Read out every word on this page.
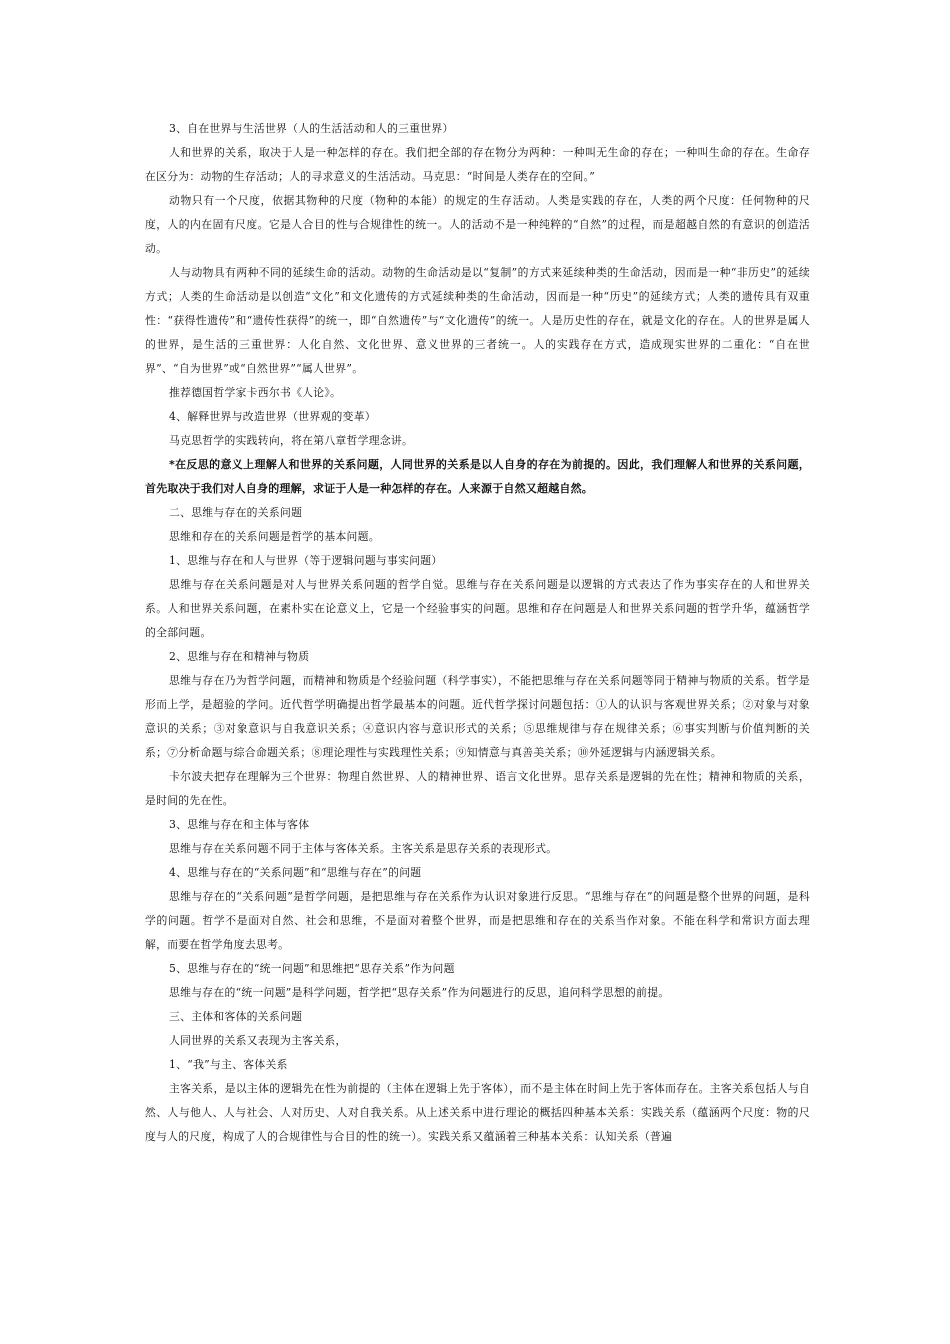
3、自在世界与生活世界（人的生活活动和人的三重世界）

人和世界的关系，取决于人是一种怎样的存在。我们把全部的存在物分为两种：一种叫无生命的存在；一种叫生命的存在。生命存在区分为：动物的生存活动；人的寻求意义的生活活动。马克思：“时间是人类存在的空间。”

动物只有一个尺度，依据其物种的尺度（物种的本能）的规定的生存活动。人类是实践的存在，人类的两个尺度：任何物种的尺度，人的内在固有尺度。它是人合目的性与合规律性的统一。人的活动不是一种纯粹的“自然”的过程，而是超越自然的有意识的创造活动。

人与动物具有两种不同的延续生命的活动。动物的生命活动是以“复制”的方式来延续种类的生命活动，因而是一种“非历史”的延续方式；人类的生命活动是以创造“文化”和文化遗传的方式延续种类的生命活动，因而是一种“历史”的延续方式；人类的遗传具有双重性：“获得性遗传”和“遗传性获得”的统一，即“自然遗传”与“文化遗传”的统一。人是历史性的存在，就是文化的存在。人的世界是属人的世界，是生活的三重世界：人化自然、文化世界、意义世界的三者统一。人的实践存在方式，造成现实世界的二重化：“自在世界”、“自为世界”或“自然世界”“属人世界”。

推荐德国哲学家卡西尔书《人论》。

4、解释世界与改造世界（世界观的变革）

马克思哲学的实践转向，将在第八章哲学理念讲。

*在反思的意义上理解人和世界的关系问题，人同世界的关系是以人自身的存在为前提的。因此，我们理解人和世界的关系问题，首先取决于我们对人自身的理解，求证于人是一种怎样的存在。人来源于自然又超越自然。

二、思维与存在的关系问题

思维和存在的关系问题是哲学的基本问题。

1、思维与存在和人与世界（等于逻辑问题与事实问题）

思维与存在关系问题是对人与世界关系问题的哲学自觉。思维与存在关系问题是以逻辑的方式表达了作为事实存在的人和世界关系。人和世界关系问题，在素朴实在论意义上，它是一个经验事实的问题。思维和存在问题是人和世界关系问题的哲学升华，蕴涵哲学的全部问题。

2、思维与存在和精神与物质

思维与存在乃为哲学问题，而精神和物质是个经验问题（科学事实），不能把思维与存在关系问题等同于精神与物质的关系。哲学是形而上学，是超验的学问。近代哲学明确提出哲学最基本的问题。近代哲学探讨问题包括：①人的认识与客观世界关系；②对象与对象意识的关系；③对象意识与自我意识关系；④意识内容与意识形式的关系；⑤思维规律与存在规律关系；⑥事实判断与价值判断的关系；⑦分析命题与综合命题关系；⑧理论理性与实践理性关系；⑨知情意与真善美关系；⑩外延逻辑与内涵逻辑关系。

卡尔波夫把存在理解为三个世界：物理自然世界、人的精神世界、语言文化世界。思存关系是逻辑的先在性；精神和物质的关系，是时间的先在性。

3、思维与存在和主体与客体

思维与存在关系问题不同于主体与客体关系。主客关系是思存关系的表现形式。

4、思维与存在的“关系问题”和“思维与存在”的问题

思维与存在的“关系问题”是哲学问题，是把思维与存在关系作为认识对象进行反思。“思维与存在”的问题是整个世界的问题，是科学的问题。哲学不是面对自然、社会和思维，不是面对着整个世界，而是把思维和存在的关系当作对象。不能在科学和常识方面去理解，而要在哲学角度去思考。

5、思维与存在的“统一问题”和思维把“思存关系”作为问题

思维与存在的“统一问题”是科学问题，哲学把“思存关系”作为问题进行的反思，追问科学思想的前提。

三、主体和客体的关系问题

人同世界的关系又表现为主客关系，

1、“我”与主、客体关系

主客关系，是以主体的逻辑先在性为前提的（主体在逻辑上先于客体），而不是主体在时间上先于客体而存在。主客关系包括人与自然、人与他人、人与社会、人对历史、人对自我关系。从上述关系中进行理论的概括四种基本关系：实践关系（蕴涵两个尺度：物的尺度与人的尺度，构成了人的合规律性与合目的性的统一）。实践关系又蕴涵着三种基本关系：认知关系（普遍
